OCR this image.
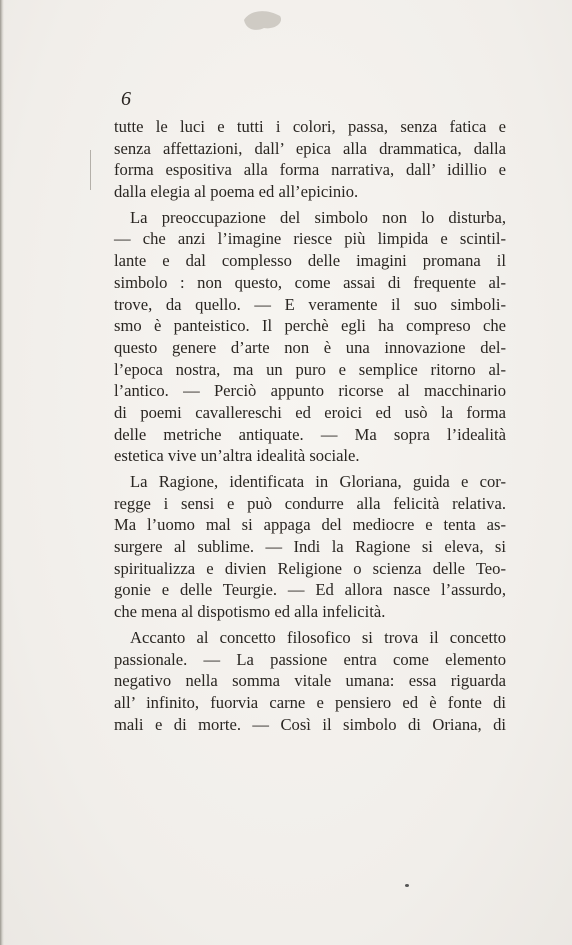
6

tutte le luci e tutti i colori, passa, senza fatica e
senza affettazioni, dall’ epica alla drammatica, dalla
forma espositiva alla forma narrativa, dall’ idillio e
dalla elegia al poema ed all’epicinio.

La preoccupazione del simbolo non lo disturba,
— che anzi l’imagine riesce più limpida e scintil-
lante e dal complesso delle imagini promana il
simbolo : non questo, come assai di frequente al-
trove, da quello. — E veramente il suo simboli-
smo è panteistico. Il perchè egli ha compreso che
questo genere d’arte non è una innovazione del-
l’epoca nostra, ma un puro e semplice ritorno al-
l’antico. — Perciò appunto ricorse al macchinario
di poemi cavallereschi ed eroici ed usò la forma
delle metriche antiquate. — Ma sopra l’idealità
estetica vive un’altra idealità sociale.

La Ragione, identificata in Gloriana, guida e cor-
regge i sensi e può condurre alla felicità relativa.
Ma l’uomo mal si appaga del mediocre e tenta as-
surgere al sublime. — Indi la Ragione si eleva, si
spiritualizza e divien Religione o scienza delle Teo-
gonie e delle Teurgie. — Ed allora nasce l’assurdo,
che mena al dispotismo ed alla infelicità.

Accanto al concetto filosofico si trova il concetto
passionale. — La passione entra come elemento
negativo nella somma vitale umana: essa riguarda
all’ infinito, fuorvia carne e pensiero ed è fonte di
mali e di morte. — Così il simbolo di Oriana, di
